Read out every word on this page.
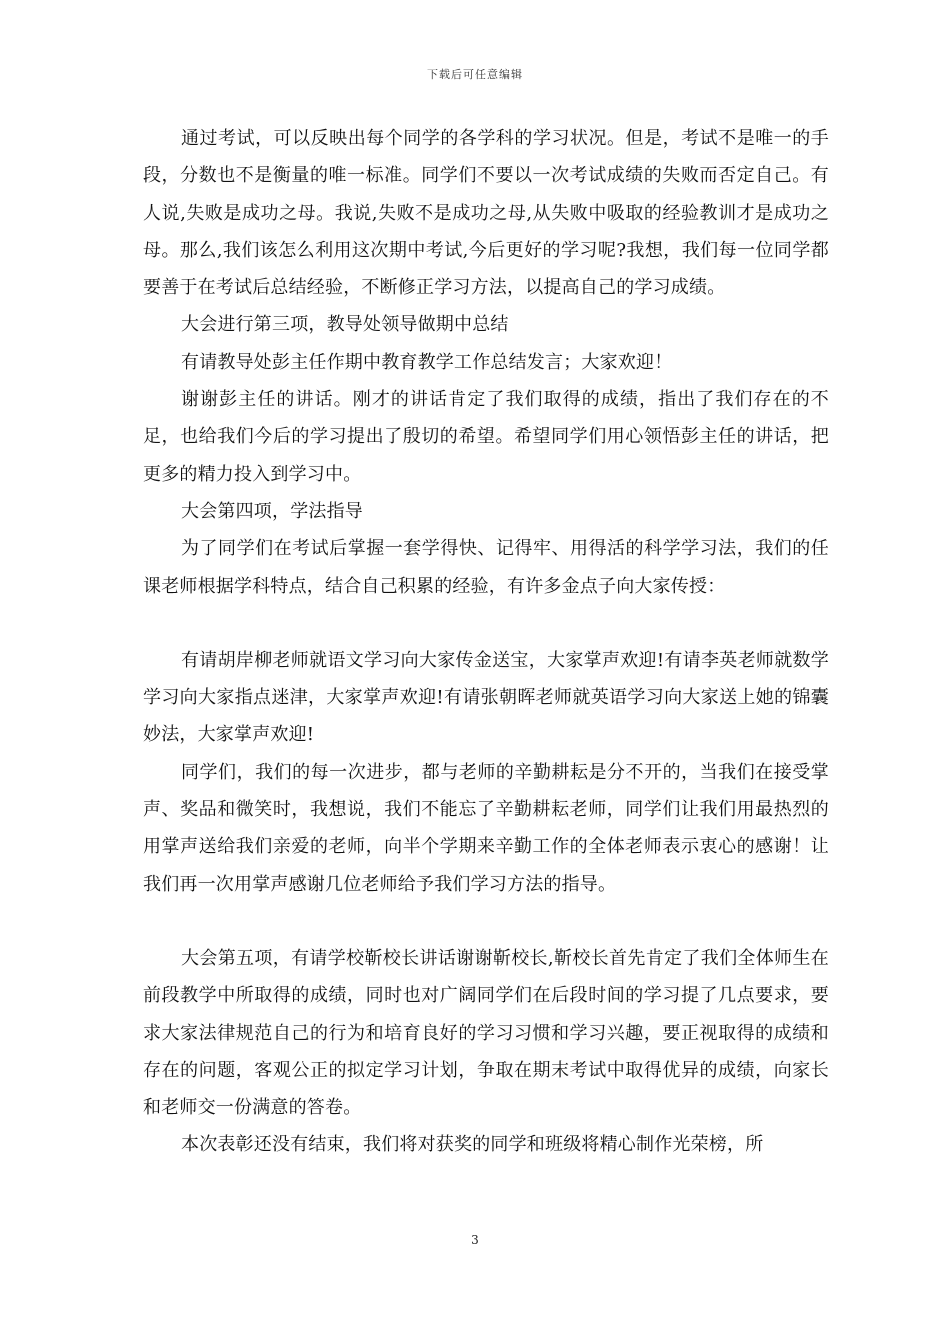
下载后可任意编辑

通过考试，可以反映出每个同学的各学科的学习状况。但是，考试不是唯一的手段，分数也不是衡量的唯一标准。同学们不要以一次考试成绩的失败而否定自己。有人说,失败是成功之母。我说,失败不是成功之母,从失败中吸取的经验教训才是成功之母。那么,我们该怎么利用这次期中考试,今后更好的学习呢?我想，我们每一位同学都要善于在考试后总结经验，不断修正学习方法，以提高自己的学习成绩。

大会进行第三项，教导处领导做期中总结

有请教导处彭主任作期中教育教学工作总结发言；大家欢迎！

谢谢彭主任的讲话。刚才的讲话肯定了我们取得的成绩，指出了我们存在的不足，也给我们今后的学习提出了殷切的希望。希望同学们用心领悟彭主任的讲话，把更多的精力投入到学习中。

大会第四项，学法指导

为了同学们在考试后掌握一套学得快、记得牢、用得活的科学学习法，我们的任课老师根据学科特点，结合自己积累的经验，有许多金点子向大家传授：

有请胡岸柳老师就语文学习向大家传金送宝，大家掌声欢迎!有请李英老师就数学学习向大家指点迷津，大家掌声欢迎!有请张朝晖老师就英语学习向大家送上她的锦囊妙法，大家掌声欢迎!

同学们，我们的每一次进步，都与老师的辛勤耕耘是分不开的，当我们在接受掌声、奖品和微笑时，我想说，我们不能忘了辛勤耕耘老师，同学们让我们用最热烈的用掌声送给我们亲爱的老师，向半个学期来辛勤工作的全体老师表示衷心的感谢！让我们再一次用掌声感谢几位老师给予我们学习方法的指导。

大会第五项，有请学校靳校长讲话谢谢靳校长,靳校长首先肯定了我们全体师生在前段教学中所取得的成绩，同时也对广阔同学们在后段时间的学习提了几点要求，要求大家法律规范自己的行为和培育良好的学习习惯和学习兴趣，要正视取得的成绩和存在的问题，客观公正的拟定学习计划，争取在期末考试中取得优异的成绩，向家长和老师交一份满意的答卷。

本次表彰还没有结束，我们将对获奖的同学和班级将精心制作光荣榜，所

3
